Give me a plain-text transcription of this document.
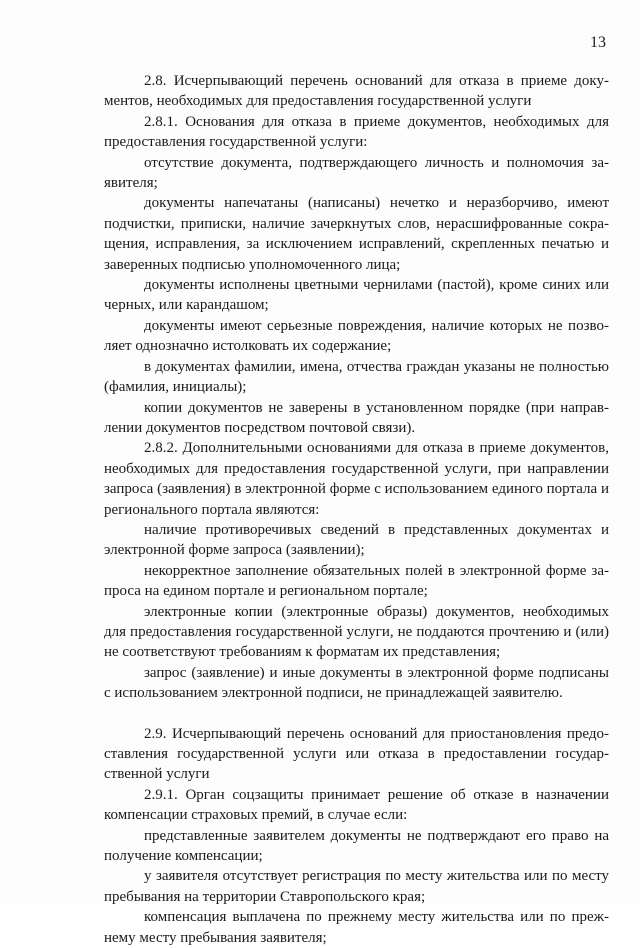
13

2.8. Исчерпывающий перечень оснований для отказа в приеме доку-ментов, необходимых для предоставления государственной услуги

2.8.1. Основания для отказа в приеме документов, необходимых для предоставления государственной услуги:

отсутствие документа, подтверждающего личность и полномочия за-явителя;

документы напечатаны (написаны) нечетко и неразборчиво, имеют подчистки, приписки, наличие зачеркнутых слов, нерасшифрованные сокра-щения, исправления, за исключением исправлений, скрепленных печатью и заверенных подписью уполномоченного лица;

документы исполнены цветными чернилами (пастой), кроме синих или черных, или карандашом;

документы имеют серьезные повреждения, наличие которых не позво-ляет однозначно истолковать их содержание;

в документах фамилии, имена, отчества граждан указаны не полностью (фамилия, инициалы);

копии документов не заверены в установленном порядке (при направ-лении документов посредством почтовой связи).

2.8.2. Дополнительными основаниями для отказа в приеме документов, необходимых для предоставления государственной услуги, при направлении запроса (заявления) в электронной форме с использованием единого портала и регионального портала являются:

наличие противоречивых сведений в представленных документах и электронной форме запроса (заявлении);

некорректное заполнение обязательных полей в электронной форме за-проса на едином портале и региональном портале;

электронные копии (электронные образы) документов, необходимых для предоставления государственной услуги, не поддаются прочтению и (или) не соответствуют требованиям к форматам их представления;

запрос (заявление) и иные документы в электронной форме подписаны с использованием электронной подписи, не принадлежащей заявителю.

2.9. Исчерпывающий перечень оснований для приостановления предо-ставления государственной услуги или отказа в предоставлении государ-ственной услуги

2.9.1. Орган соцзащиты принимает решение об отказе в назначении компенсации страховых премий, в случае если:

представленные заявителем документы не подтверждают его право на получение компенсации;

у заявителя отсутствует регистрация по месту жительства или по месту пребывания на территории Ставропольского края;

компенсация выплачена по прежнему месту жительства или по преж-нему месту пребывания заявителя;
